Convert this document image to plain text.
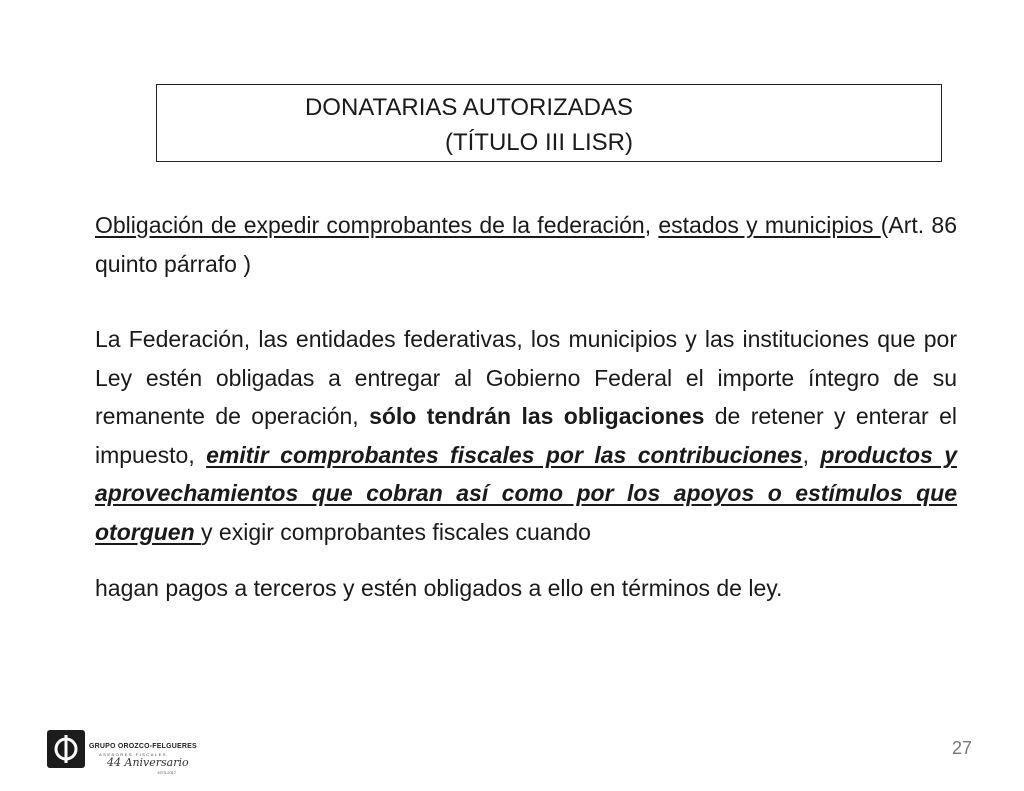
DONATARIAS AUTORIZADAS
(TÍTULO III LISR)

Obligación de expedir comprobantes de la federación, estados y municipios (Art. 86 quinto párrafo )

La Federación, las entidades federativas, los municipios y las instituciones que por Ley estén obligadas a entregar al Gobierno Federal el importe íntegro de su remanente de operación, sólo tendrán las obligaciones de retener y enterar el impuesto, emitir comprobantes fiscales por las contribuciones, productos y aprovechamientos que cobran así como por los apoyos o estímulos que otorguen y exigir comprobantes fiscales cuando

hagan pagos a terceros y estén obligados a ello en términos de ley.

GRUPO OROZCO-FELGUERES
ASESORES FISCALES
44 Aniversario
1973-2017
27
